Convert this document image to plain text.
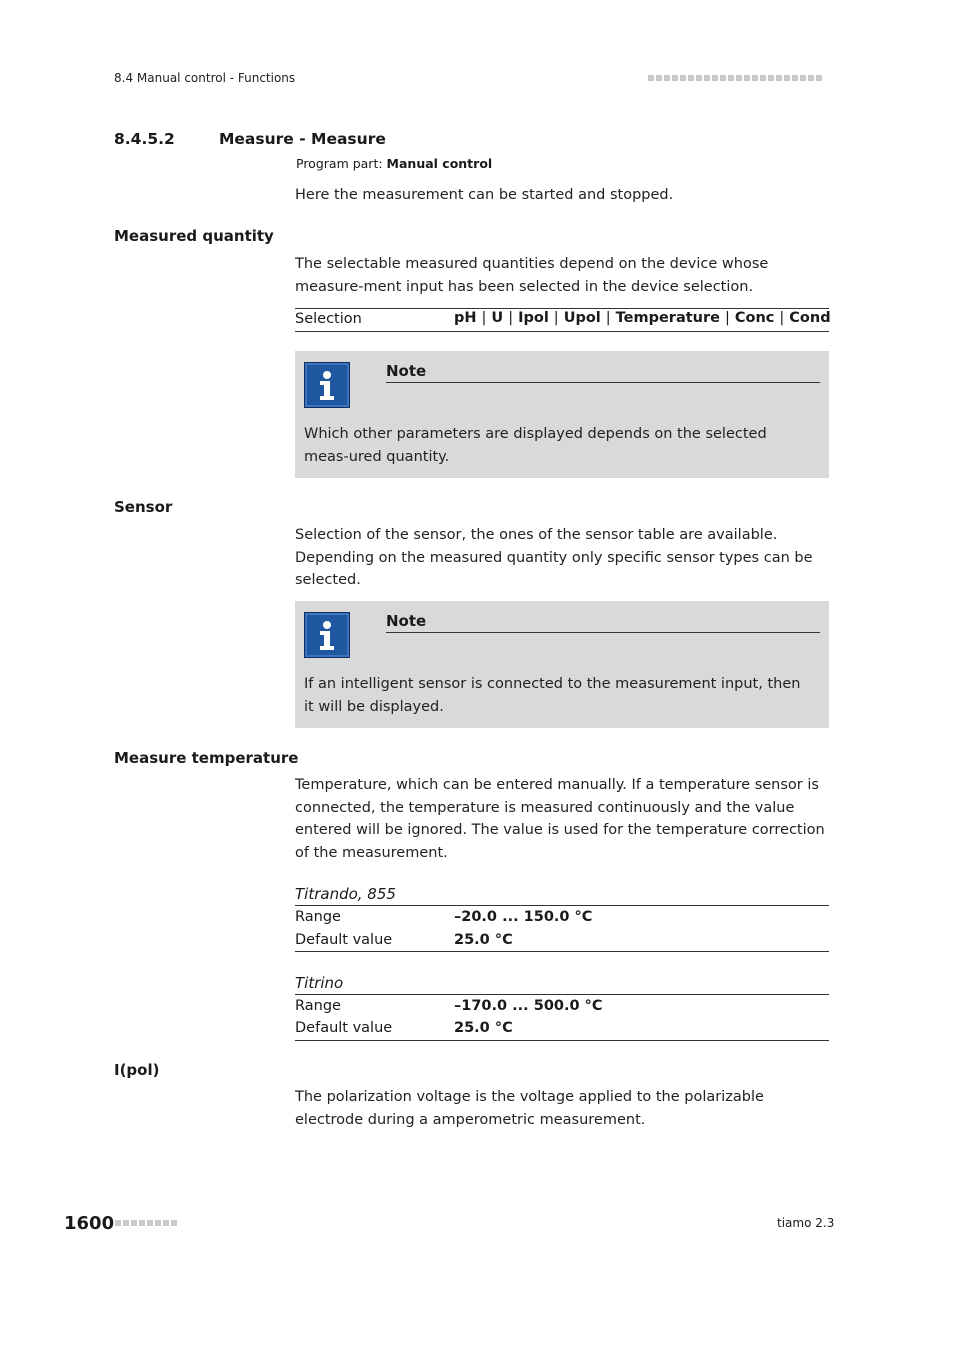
8.4 Manual control - Functions
8.4.5.2	Measure - Measure
Program part: Manual control
Here the measurement can be started and stopped.
Measured quantity
The selectable measured quantities depend on the device whose measure-ment input has been selected in the device selection.
Selection	pH | U | Ipol | Upol | Temperature | Conc | Cond
Note
Which other parameters are displayed depends on the selected meas-ured quantity.
Sensor
Selection of the sensor, the ones of the sensor table are available. Depending on the measured quantity only specific sensor types can be selected.
Note
If an intelligent sensor is connected to the measurement input, then it will be displayed.
Measure temperature
Temperature, which can be entered manually. If a temperature sensor is connected, the temperature is measured continuously and the value entered will be ignored. The value is used for the temperature correction of the measurement.
Titrando, 855
Range	–20.0 ... 150.0 °C
Default value	25.0 °C
Titrino
Range	–170.0 ... 500.0 °C
Default value	25.0 °C
I(pol)
The polarization voltage is the voltage applied to the polarizable electrode during a amperometric measurement.
1600	tiamo 2.3
